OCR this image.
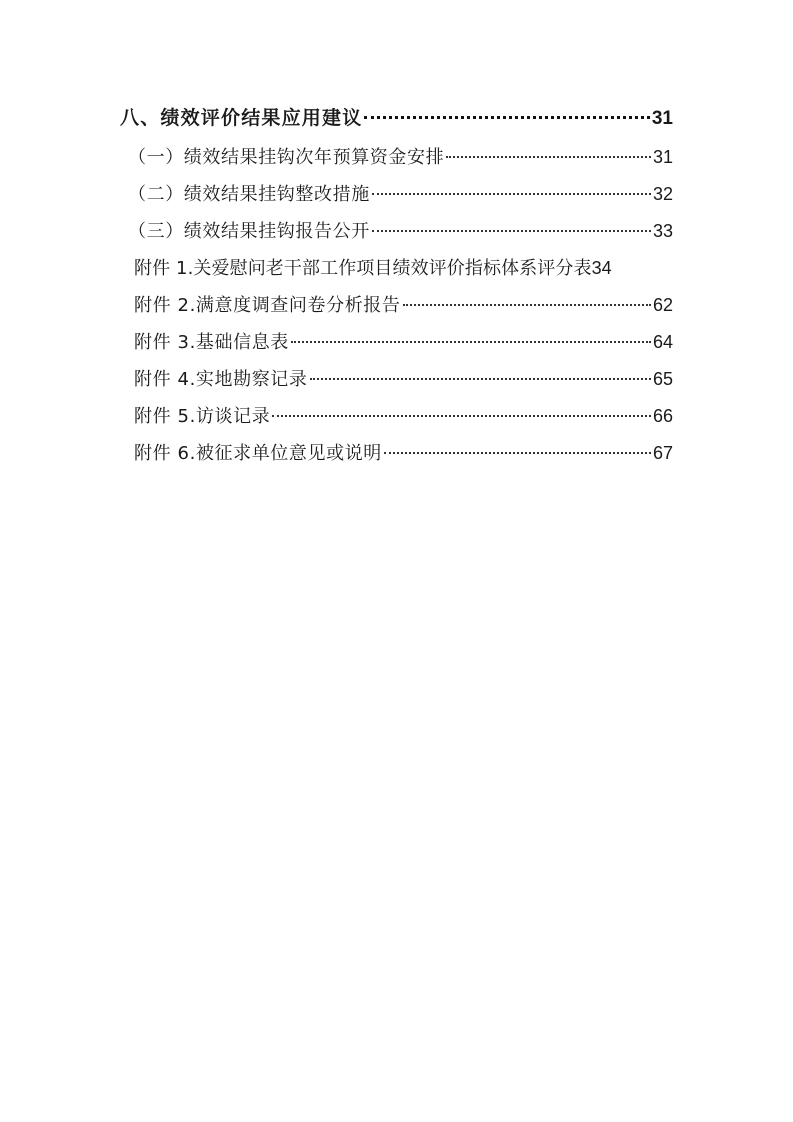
八、绩效评价结果应用建议	31
（一）绩效结果挂钩次年预算资金安排	31
（二）绩效结果挂钩整改措施	32
（三）绩效结果挂钩报告公开	33
附件 1.关爱慰问老干部工作项目绩效评价指标体系评分表 34
附件 2.满意度调查问卷分析报告	62
附件 3.基础信息表	64
附件 4.实地勘察记录	65
附件 5.访谈记录	66
附件 6.被征求单位意见或说明	67
